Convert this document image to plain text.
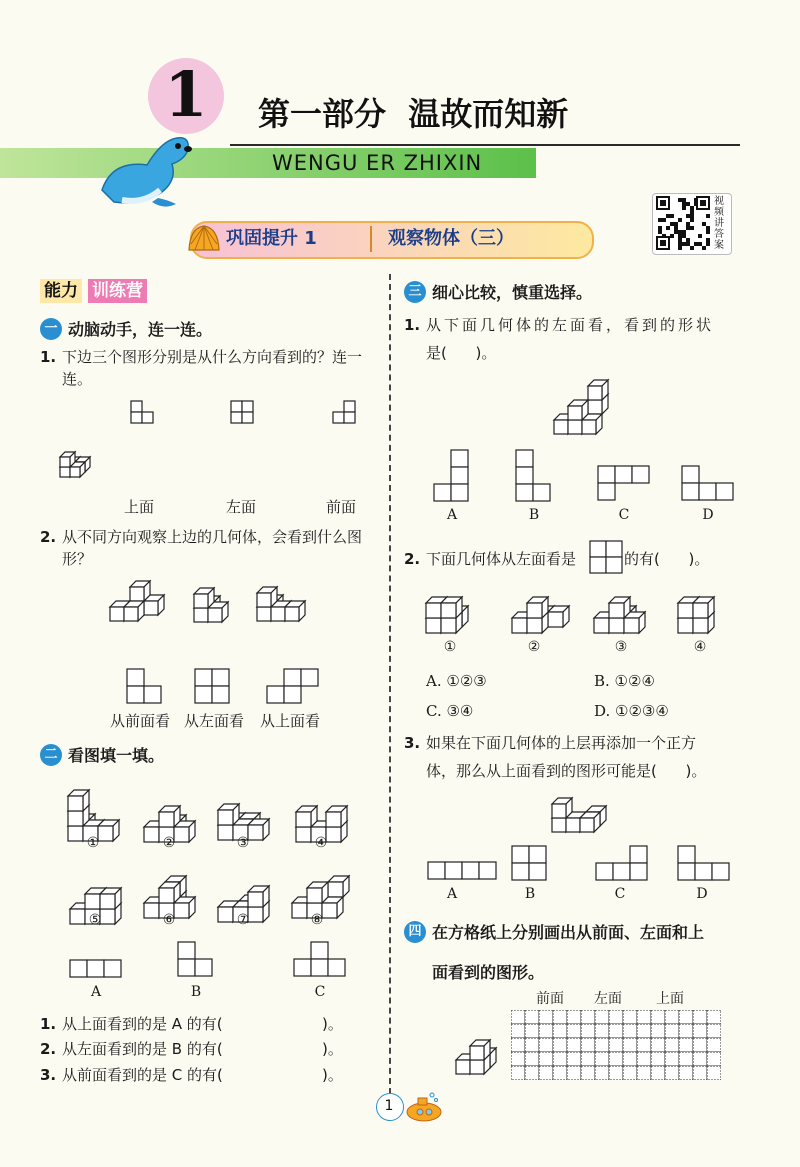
1 第一部分  温故而知新
WENGU ER ZHIXIN
巩固提升 1	观察物体（三）
视频讲答案
能力 训练营
一 动脑动手，连一连。
1. 下边三个图形分别是从什么方向看到的？连一连。
上面	左面	前面
2. 从不同方向观察上边的几何体，会看到什么图形？
从前面看 从左面看 从上面看
二 看图填一填。
①	②	③	④
⑤	⑥	⑦	⑧
A	B	C
1. 从上面看到的是 A 的有(	)。
2. 从左面看到的是 B 的有(	)。
3. 从前面看到的是 C 的有(	)。
三 细心比较，慎重选择。
1. 从下面几何体的左面看，看到的形状
是(      )。
A	B	C	D
2. 下面几何体从左面看是	的有(      )。
①	②	③	④
A. ①②③	B. ①②④
C. ③④	D. ①②③④
3. 如果在下面几何体的上层再添加一个正方
体，那么从上面看到的图形可能是(      )。
A	B	C	D
四 在方格纸上分别画出从前面、左面和上
面看到的图形。
前面 左面 上面
1
